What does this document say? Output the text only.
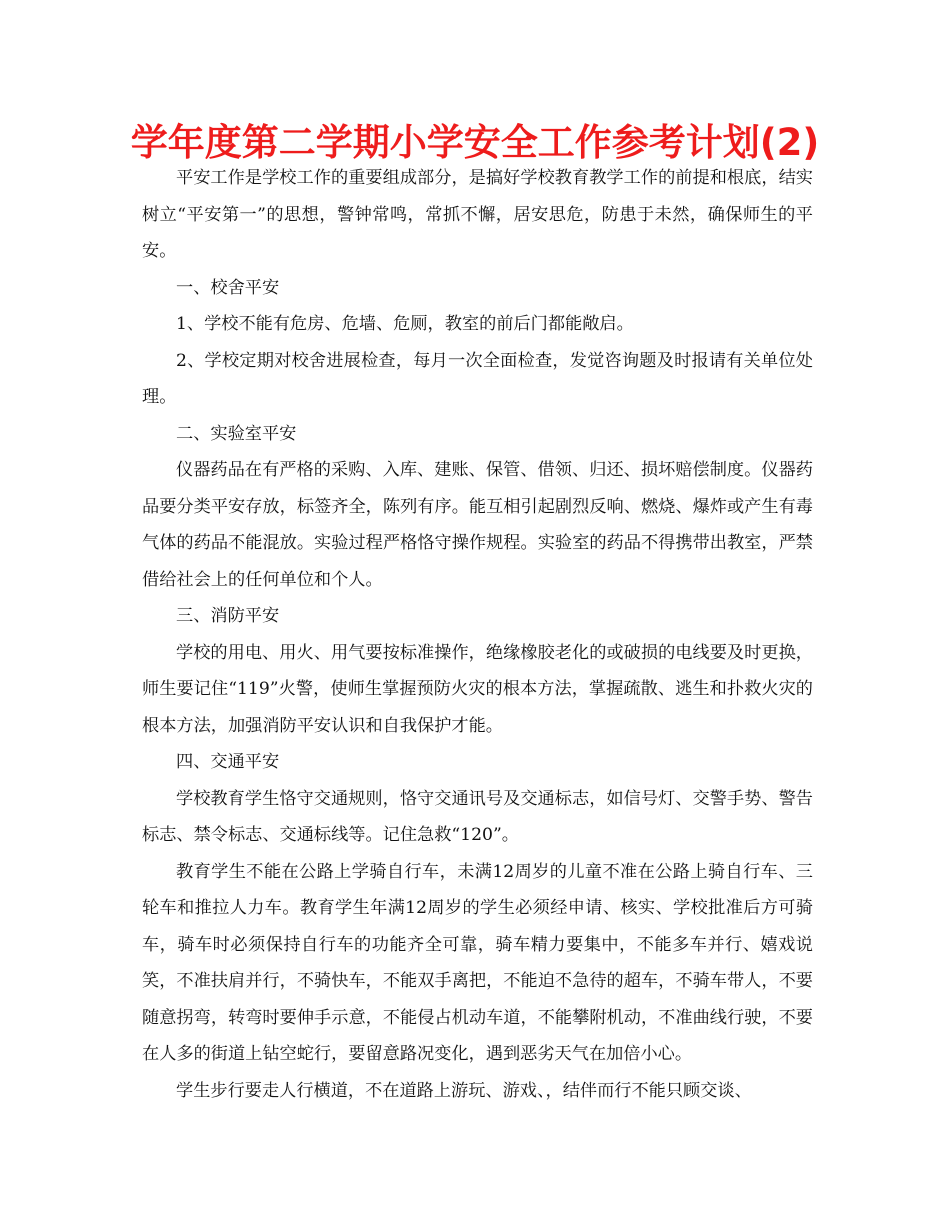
学年度第二学期小学安全工作参考计划(2)

平安工作是学校工作的重要组成部分，是搞好学校教育教学工作的前提和根底，结实树立“平安第一”的思想，警钟常鸣，常抓不懈，居安思危，防患于未然，确保师生的平安。

一、校舍平安

1、学校不能有危房、危墙、危厕，教室的前后门都能敞启。

2、学校定期对校舍进展检查，每月一次全面检查，发觉咨询题及时报请有关单位处理。

二、实验室平安

仪器药品在有严格的采购、入库、建账、保管、借领、归还、损坏赔偿制度。仪器药品要分类平安存放，标签齐全，陈列有序。能互相引起剧烈反响、燃烧、爆炸或产生有毒气体的药品不能混放。实验过程严格恪守操作规程。实验室的药品不得携带出教室，严禁借给社会上的任何单位和个人。

三、消防平安

学校的用电、用火、用气要按标准操作，绝缘橡胶老化的或破损的电线要及时更换，师生要记住“119”火警，使师生掌握预防火灾的根本方法，掌握疏散、逃生和扑救火灾的根本方法，加强消防平安认识和自我保护才能。

四、交通平安

学校教育学生恪守交通规则，恪守交通讯号及交通标志，如信号灯、交警手势、警告标志、禁令标志、交通标线等。记住急救“120”。

教育学生不能在公路上学骑自行车，未满12周岁的儿童不准在公路上骑自行车、三轮车和推拉人力车。教育学生年满12周岁的学生必须经申请、核实、学校批准后方可骑车，骑车时必须保持自行车的功能齐全可靠，骑车精力要集中，不能多车并行、嬉戏说笑，不准扶肩并行，不骑快车，不能双手离把，不能迫不急待的超车，不骑车带人，不要随意拐弯，转弯时要伸手示意，不能侵占机动车道，不能攀附机动，不准曲线行驶，不要在人多的街道上钻空蛇行，要留意路况变化，遇到恶劣天气在加倍小心。

学生步行要走人行横道，不在道路上游玩、游戏、，结伴而行不能只顾交谈、
